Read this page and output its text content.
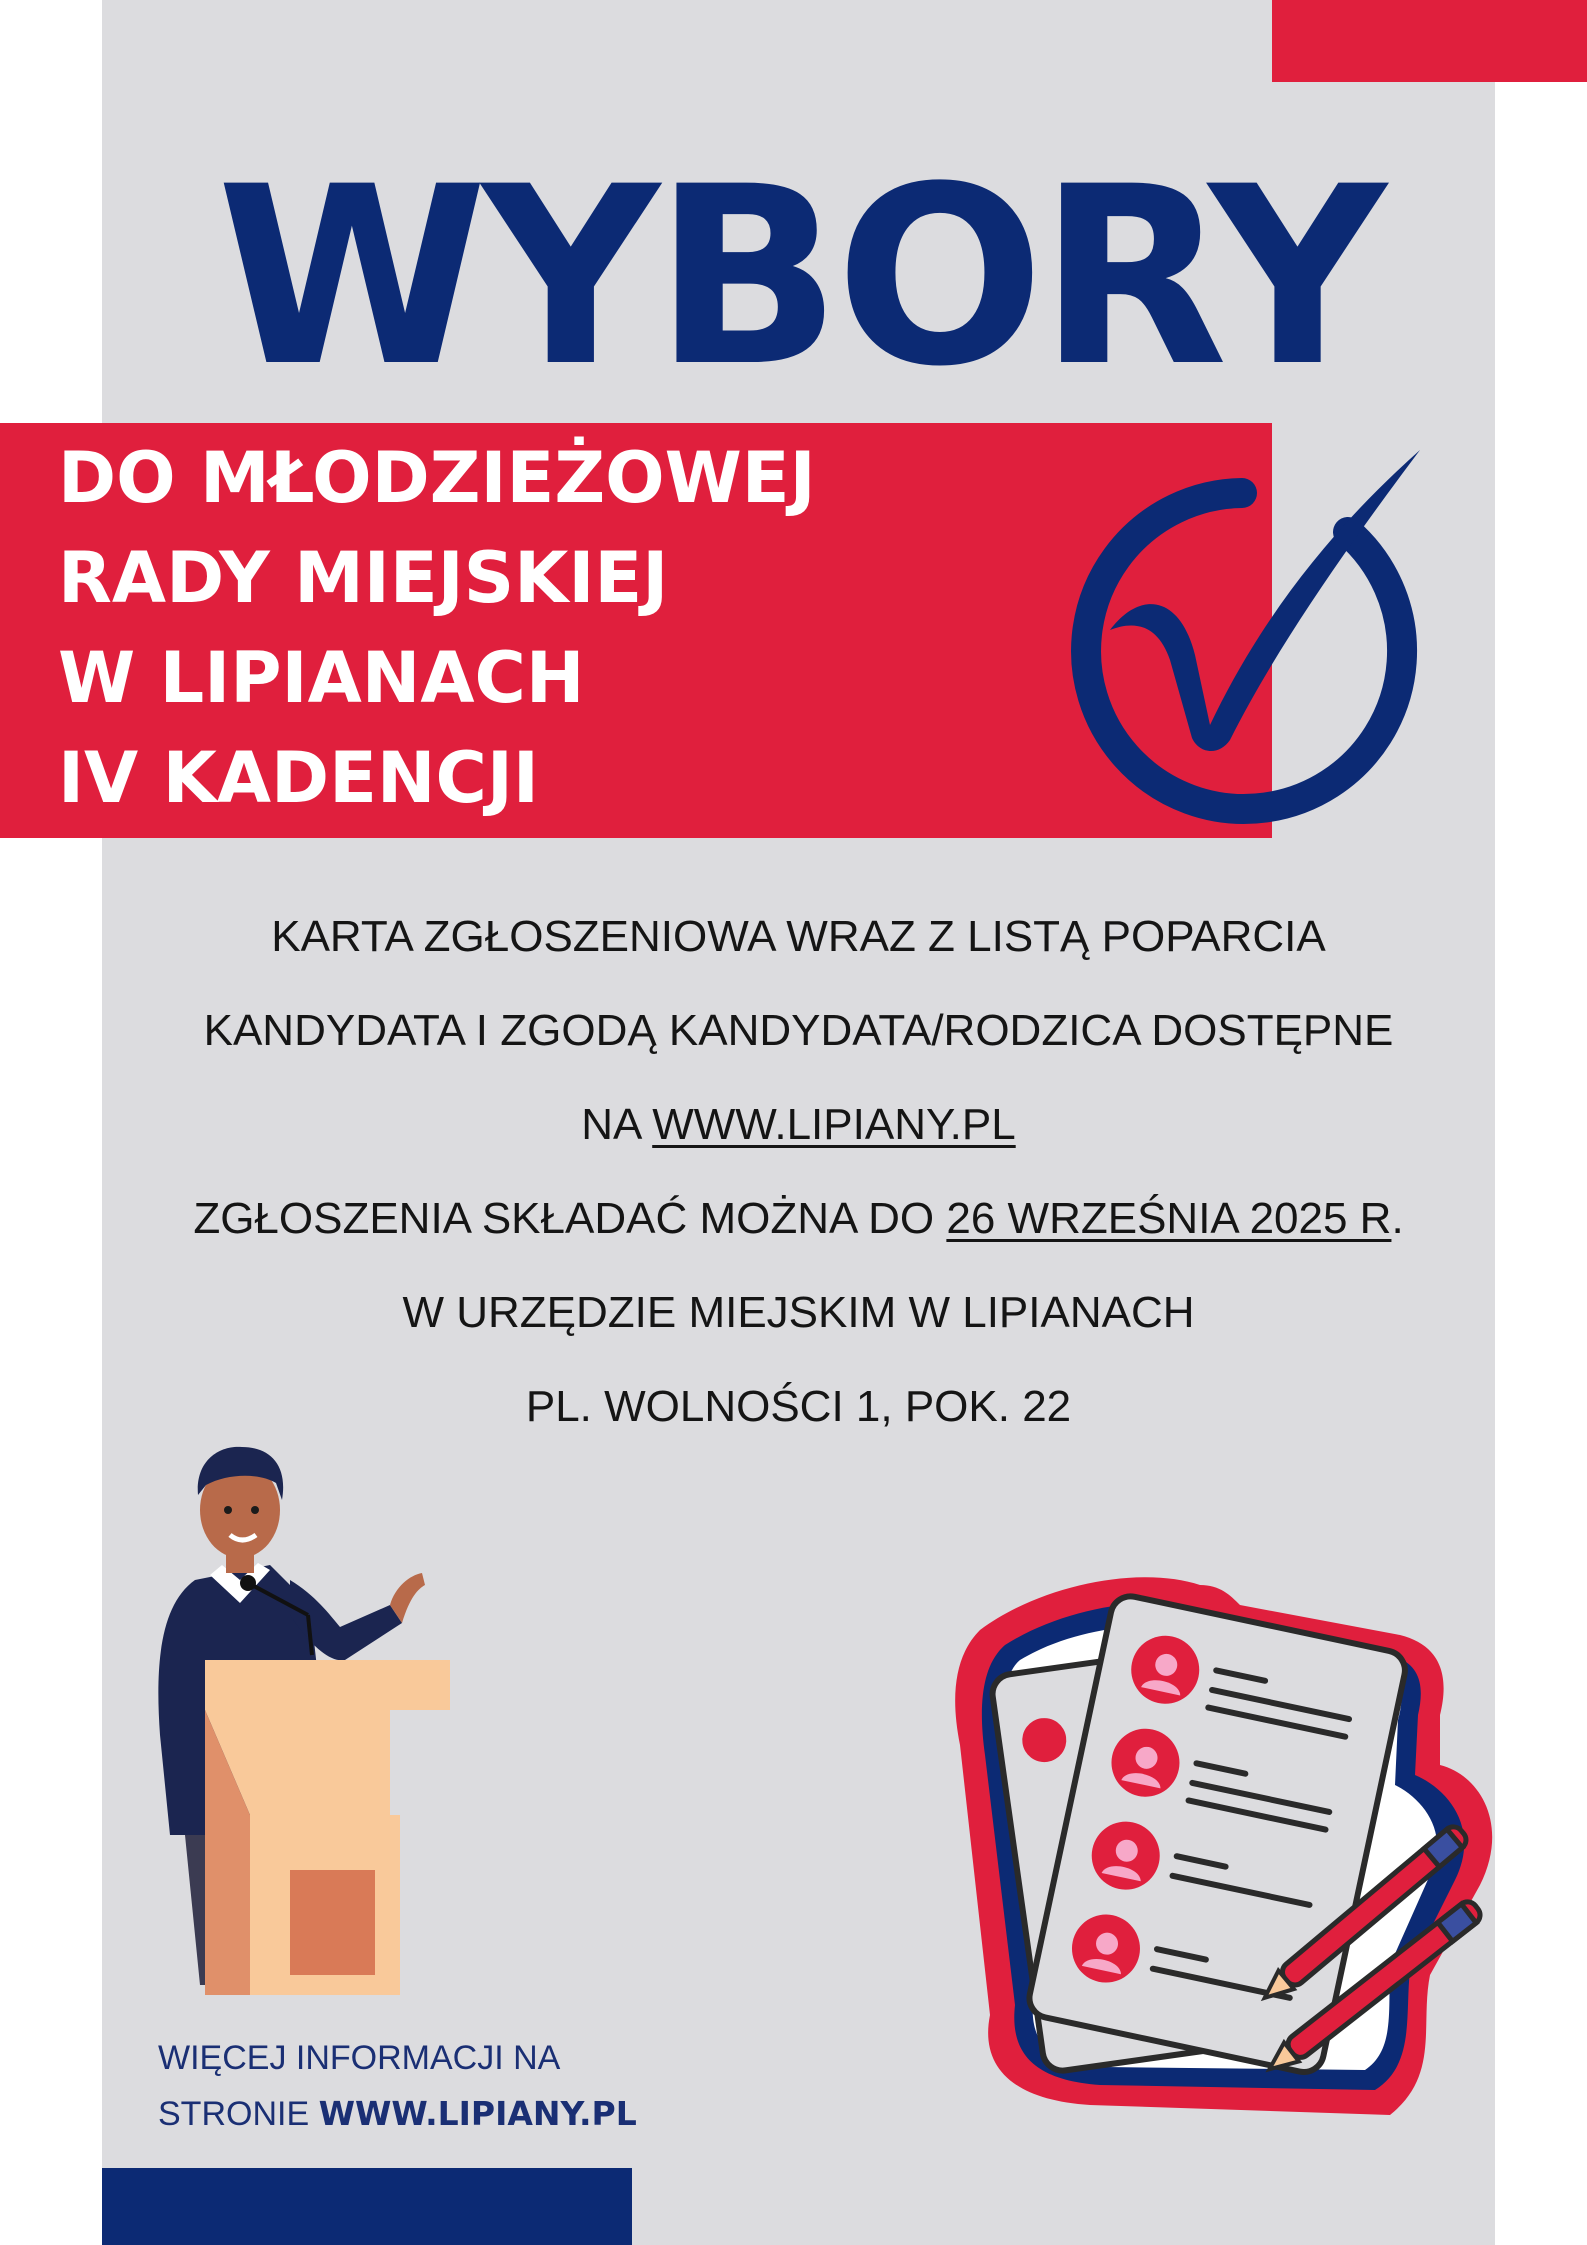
WYBORY
DO MŁODZIEŻOWEJ
RADY MIEJSKIEJ
W LIPIANACH
IV KADENCJI
KARTA ZGŁOSZENIOWA WRAZ Z LISTĄ POPARCIA
KANDYDATA I ZGODĄ KANDYDATA/RODZICA DOSTĘPNE
NA WWW.LIPIANY.PL
ZGŁOSZENIA SKŁADAĆ MOŻNA DO 26 WRZEŚNIA 2025 R.
W URZĘDZIE MIEJSKIM W LIPIANACH
PL. WOLNOŚCI 1, POK. 22
WIĘCEJ INFORMACJI NA
STRONIE WWW.LIPIANY.PL
